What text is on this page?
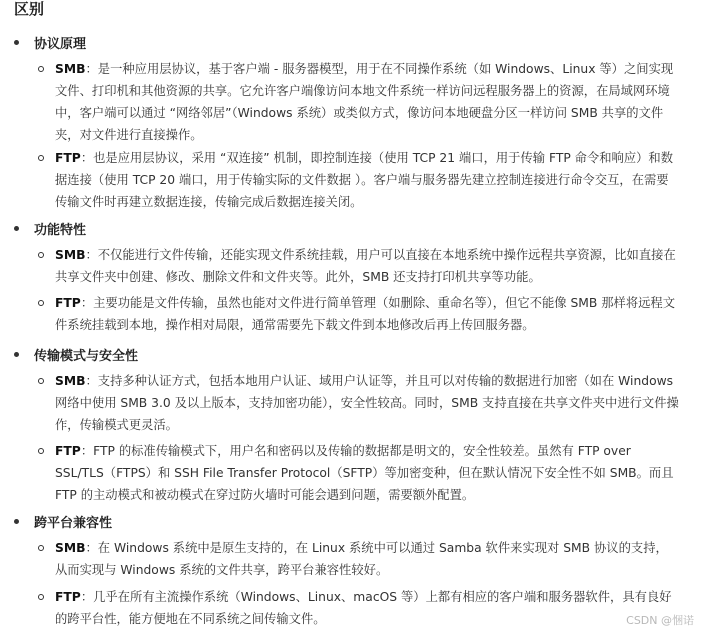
区别
协议原理
SMB：是一种应用层协议，基于客户端 - 服务器模型，用于在不同操作系统（如 Windows、Linux 等）之间实现文件、打印机和其他资源的共享。它允许客户端像访问本地文件系统一样访问远程服务器上的资源，在局域网环境中，客户端可以通过 “网络邻居”（Windows 系统）或类似方式，像访问本地硬盘分区一样访问 SMB 共享的文件夹，对文件进行直接操作。
FTP：也是应用层协议，采用 “双连接” 机制，即控制连接（使用 TCP 21 端口，用于传输 FTP 命令和响应）和数据连接（使用 TCP 20 端口，用于传输实际的文件数据 ）。客户端与服务器先建立控制连接进行命令交互，在需要传输文件时再建立数据连接，传输完成后数据连接关闭。
功能特性
SMB：不仅能进行文件传输，还能实现文件系统挂载，用户可以直接在本地系统中操作远程共享资源，比如直接在共享文件夹中创建、修改、删除文件和文件夹等。此外，SMB 还支持打印机共享等功能。
FTP：主要功能是文件传输，虽然也能对文件进行简单管理（如删除、重命名等），但它不能像 SMB 那样将远程文件系统挂载到本地，操作相对局限，通常需要先下载文件到本地修改后再上传回服务器。
传输模式与安全性
SMB：支持多种认证方式，包括本地用户认证、域用户认证等，并且可以对传输的数据进行加密（如在 Windows 网络中使用 SMB 3.0 及以上版本，支持加密功能），安全性较高。同时，SMB 支持直接在共享文件夹中进行文件操作，传输模式更灵活。
FTP：FTP 的标准传输模式下，用户名和密码以及传输的数据都是明文的，安全性较差。虽然有 FTP over SSL/TLS（FTPS）和 SSH File Transfer Protocol（SFTP）等加密变种，但在默认情况下安全性不如 SMB。而且 FTP 的主动模式和被动模式在穿过防火墙时可能会遇到问题，需要额外配置。
跨平台兼容性
SMB：在 Windows 系统中是原生支持的，在 Linux 系统中可以通过 Samba 软件来实现对 SMB 协议的支持，从而实现与 Windows 系统的文件共享，跨平台兼容性较好。
FTP：几乎在所有主流操作系统（Windows、Linux、macOS 等）上都有相应的客户端和服务器软件，具有良好的跨平台性，能方便地在不同系统之间传输文件。	CSDN @悃诺
